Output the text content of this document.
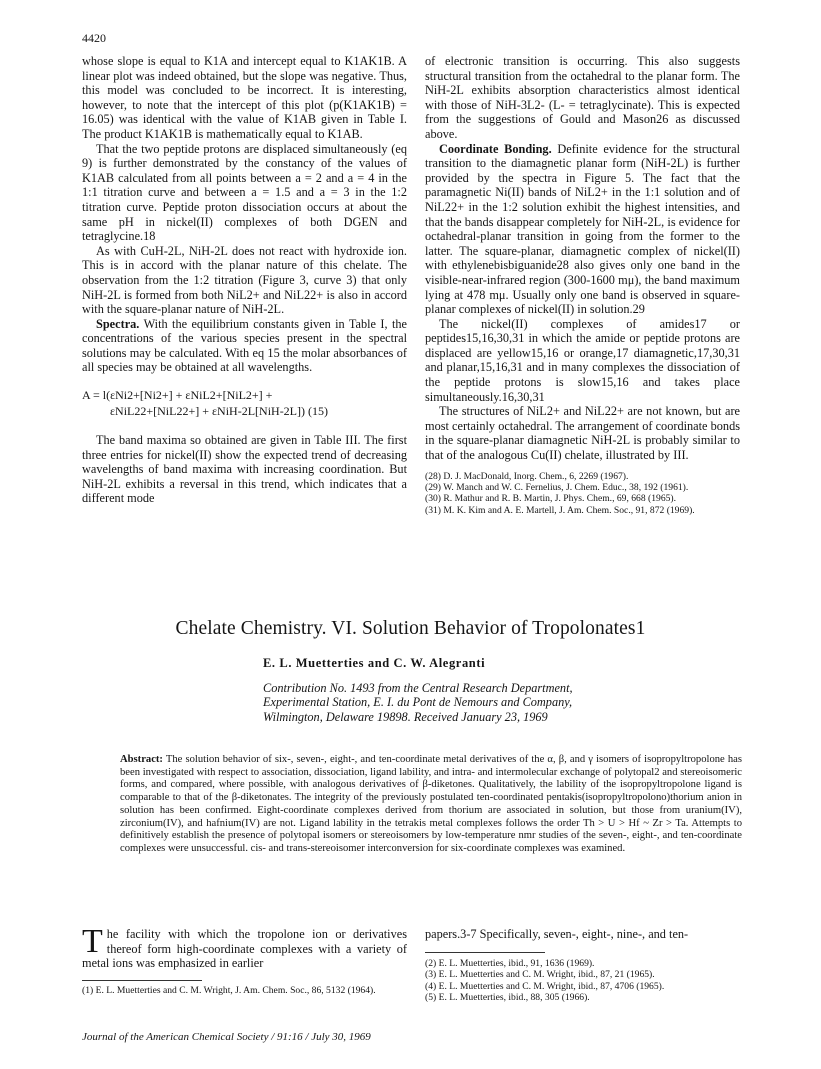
4420

whose slope is equal to K1A and intercept equal to K1AK1B. A linear plot was indeed obtained, but the slope was negative. Thus, this model was concluded to be incorrect. It is interesting, however, to note that the intercept of this plot (p(K1AK1B) = 16.05) was identical with the value of K1AB given in Table I. The product K1AK1B is mathematically equal to K1AB.

That the two peptide protons are displaced simultaneously (eq 9) is further demonstrated by the constancy of the values of K1AB calculated from all points between a = 2 and a = 4 in the 1:1 titration curve and between a = 1.5 and a = 3 in the 1:2 titration curve. Peptide proton dissociation occurs at about the same pH in nickel(II) complexes of both DGEN and tetraglycine.18

As with CuH-2L, NiH-2L does not react with hydroxide ion. This is in accord with the planar nature of this chelate. The observation from the 1:2 titration (Figure 3, curve 3) that only NiH-2L is formed from both NiL2+ and NiL22+ is also in accord with the square-planar nature of NiH-2L.

Spectra. With the equilibrium constants given in Table I, the concentrations of the various species present in the spectral solutions may be calculated. With eq 15 the molar absorbances of all species may be obtained at all wavelengths.

A = l(εNi2+[Ni2+] + εNiL2+[NiL2+] +
εNiL22+[NiL22+] + εNiH-2L[NiH-2L]) (15)

The band maxima so obtained are given in Table III. The first three entries for nickel(II) show the expected trend of decreasing wavelengths of band maxima with increasing coordination. But NiH-2L exhibits a reversal in this trend, which indicates that a different mode

of electronic transition is occurring. This also suggests structural transition from the octahedral to the planar form. The NiH-2L exhibits absorption characteristics almost identical with those of NiH-3L2- (L- = tetraglycinate). This is expected from the suggestions of Gould and Mason26 as discussed above.

Coordinate Bonding. Definite evidence for the structural transition to the diamagnetic planar form (NiH-2L) is further provided by the spectra in Figure 5. The fact that the paramagnetic Ni(II) bands of NiL2+ in the 1:1 solution and of NiL22+ in the 1:2 solution exhibit the highest intensities, and that the bands disappear completely for NiH-2L, is evidence for octahedral-planar transition in going from the former to the latter. The square-planar, diamagnetic complex of nickel(II) with ethylenebisbiguanide28 also gives only one band in the visible-near-infrared region (300-1600 mμ), the band maximum lying at 478 mμ. Usually only one band is observed in square-planar complexes of nickel(II) in solution.29

The nickel(II) complexes of amides17 or peptides15,16,30,31 in which the amide or peptide protons are displaced are yellow15,16 or orange,17 diamagnetic,17,30,31 and planar,15,16,31 and in many complexes the dissociation of the peptide protons is slow15,16 and takes place simultaneously.16,30,31

The structures of NiL2+ and NiL22+ are not known, but are most certainly octahedral. The arrangement of coordinate bonds in the square-planar diamagnetic NiH-2L is probably similar to that of the analogous Cu(II) chelate, illustrated by III.

(28) D. J. MacDonald, Inorg. Chem., 6, 2269 (1967).
(29) W. Manch and W. C. Fernelius, J. Chem. Educ., 38, 192 (1961).
(30) R. Mathur and R. B. Martin, J. Phys. Chem., 69, 668 (1965).
(31) M. K. Kim and A. E. Martell, J. Am. Chem. Soc., 91, 872 (1969).
Chelate Chemistry. VI. Solution Behavior of Tropolonates1
E. L. Muetterties and C. W. Alegranti
Contribution No. 1493 from the Central Research Department,
Experimental Station, E. I. du Pont de Nemours and Company,
Wilmington, Delaware 19898. Received January 23, 1969
Abstract: The solution behavior of six-, seven-, eight-, and ten-coordinate metal derivatives of the α, β, and γ isomers of isopropyltropolone has been investigated with respect to association, dissociation, ligand lability, and intra- and intermolecular exchange of polytopal2 and stereoisomeric forms, and compared, where possible, with analogous derivatives of β-diketones. Qualitatively, the lability of the isopropyltropolone ligand is comparable to that of the β-diketonates. The integrity of the previously postulated ten-coordinated pentakis(isopropyltropolono)thorium anion in solution has been confirmed. Eight-coordinate complexes derived from thorium are associated in solution, but those from uranium(IV), zirconium(IV), and hafnium(IV) are not. Ligand lability in the tetrakis metal complexes follows the order Th > U > Hf ~ Zr > Ta. Attempts to definitively establish the presence of polytopal isomers or stereoisomers by low-temperature nmr studies of the seven-, eight-, and ten-coordinate complexes were unsuccessful. cis- and trans-stereoisomer interconversion for six-coordinate complexes was examined.
The facility with which the tropolone ion or derivatives thereof form high-coordinate complexes with a variety of metal ions was emphasized in earlier
(1) E. L. Muetterties and C. M. Wright, J. Am. Chem. Soc., 86, 5132 (1964).
papers.3-7 Specifically, seven-, eight-, nine-, and ten-
(2) E. L. Muetterties, ibid., 91, 1636 (1969).
(3) E. L. Muetterties and C. M. Wright, ibid., 87, 21 (1965).
(4) E. L. Muetterties and C. M. Wright, ibid., 87, 4706 (1965).
(5) E. L. Muetterties, ibid., 88, 305 (1966).
Journal of the American Chemical Society / 91:16 / July 30, 1969
